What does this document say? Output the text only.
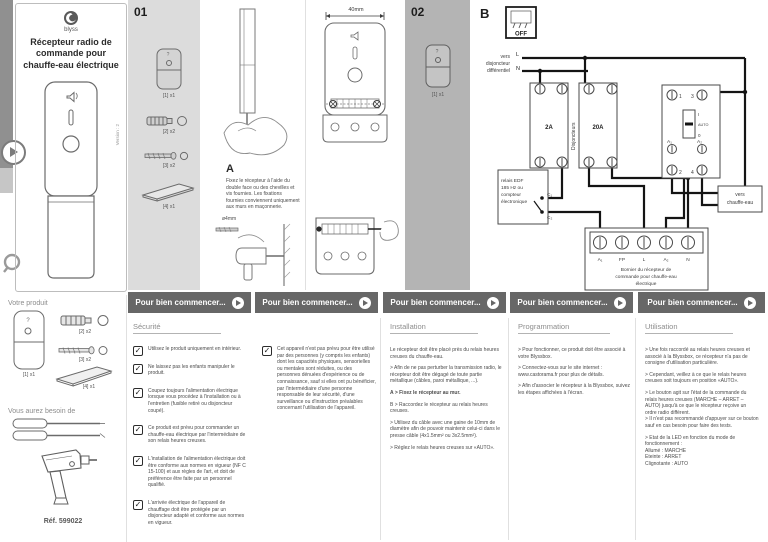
blyss
Récepteur radio de commande pour chauffe-eau électrique
Version : 2
01
?
[1] x1
[2] x2
[3] x2
[4] x1
40mm
A
Fixez le récepteur à l'aide du double face ou des chevilles et vis fournies. Les fixations fournies conviennent uniquement aux murs en maçonnerie.
ø4mm
02
?
[1] x1
B
OFF
vers
disjoncteur
différentiel
L
N
2A	Disjoncteurs	20A
relais EDF
185 Hz ou
compteur
électronique
C₁
C₂
1 3
I
AUTO
0
A₁	A₂
2 4
vers
chauffe-eau
A₁	FP	L	A₂	N
Bornier du récepteur de
commande pour chauffe-eau
électrique
Pour bien commencer...	Pour bien commencer...	Pour bien commencer...	Pour bien commencer...	Pour bien commencer...
Sécurité	Installation	Programmation	Utilisation
✓	Utilisez le produit uniquement en intérieur.

✓	Ne laissez pas les enfants manipuler le produit.

✓	Coupez toujours l'alimentation électrique lorsque vous procédez à l'installation ou à l'entretien (fusible retiré ou disjoncteur coupé).

✓	Ce produit est prévu pour commander un chauffe-eau électrique par l'intermédiaire de son relais heures creuses.

✓	L'installation de l'alimentation électrique doit être conforme aux normes en vigueur (NF C 15-100) et aux règles de l'art, et doit de préférence être faite par un personnel qualifié.

✓	L'arrivée électrique de l'appareil de chauffage doit être protégée par un disjoncteur adapté et conforme aux normes en vigueur.

✓	Cet appareil n'est pas prévu pour être utilisé par des personnes (y compris les enfants) dont les capacités physiques, sensorielles ou mentales sont réduites, ou des personnes dénuées d'expérience ou de connaissance, sauf si elles ont pu bénéficier, par l'intermédiaire d'une personne responsable de leur sécurité, d'une surveillance ou d'instruction préalables concernant l'utilisation de l'appareil.

Le récepteur doit être placé près du relais heures creuses du chauffe-eau.

> Afin de ne pas perturber la transmission radio, le récepteur doit être dégagé de toute partie métallique (câbles, paroi métallique, ...).

A > Fixez le récepteur au mur.

B > Raccordez le récepteur au relais heures creuses.

> Utilisez du câble avec une gaine de 10mm de diamètre afin de pouvoir maintenir celui-ci dans le presse câble (4x1.5mm² ou 3x2.5mm²).

> Réglez le relais heures creuses sur «AUTO».

> Pour fonctionner, ce produit doit être associé à votre Blyssbox.

> Connectez-vous sur le site internet : www.castorama.fr pour plus de détails.

> Afin d'associer le récepteur à la Blyssbox, suivez les étapes affichées à l'écran.

> Une fois raccordé au relais heures creuses et associé à la Blyssbox, ce récepteur n'a pas de consigne d'utilisation particulière.

> Cependant, veillez à ce que le relais heures creuses soit toujours en position «AUTO».

> Le bouton agit sur l'état de la commande du relais heures creuses (MARCHE – ARRET – AUTO) jusqu'à ce que le récepteur reçoive un ordre radio différent.

> Il n'est pas recommandé d'appuyer sur ce bouton sauf en cas besoin pour faire des tests.

> Etat de la LED en fonction du mode de fonctionnement :

Allumé : MARCHE

Eteinte : ARRET

Clignotante : AUTO

Votre produit
?
[1] x1
[2] x2
[3] x2
[4] x1
Vous aurez besoin de
Réf. 599022
